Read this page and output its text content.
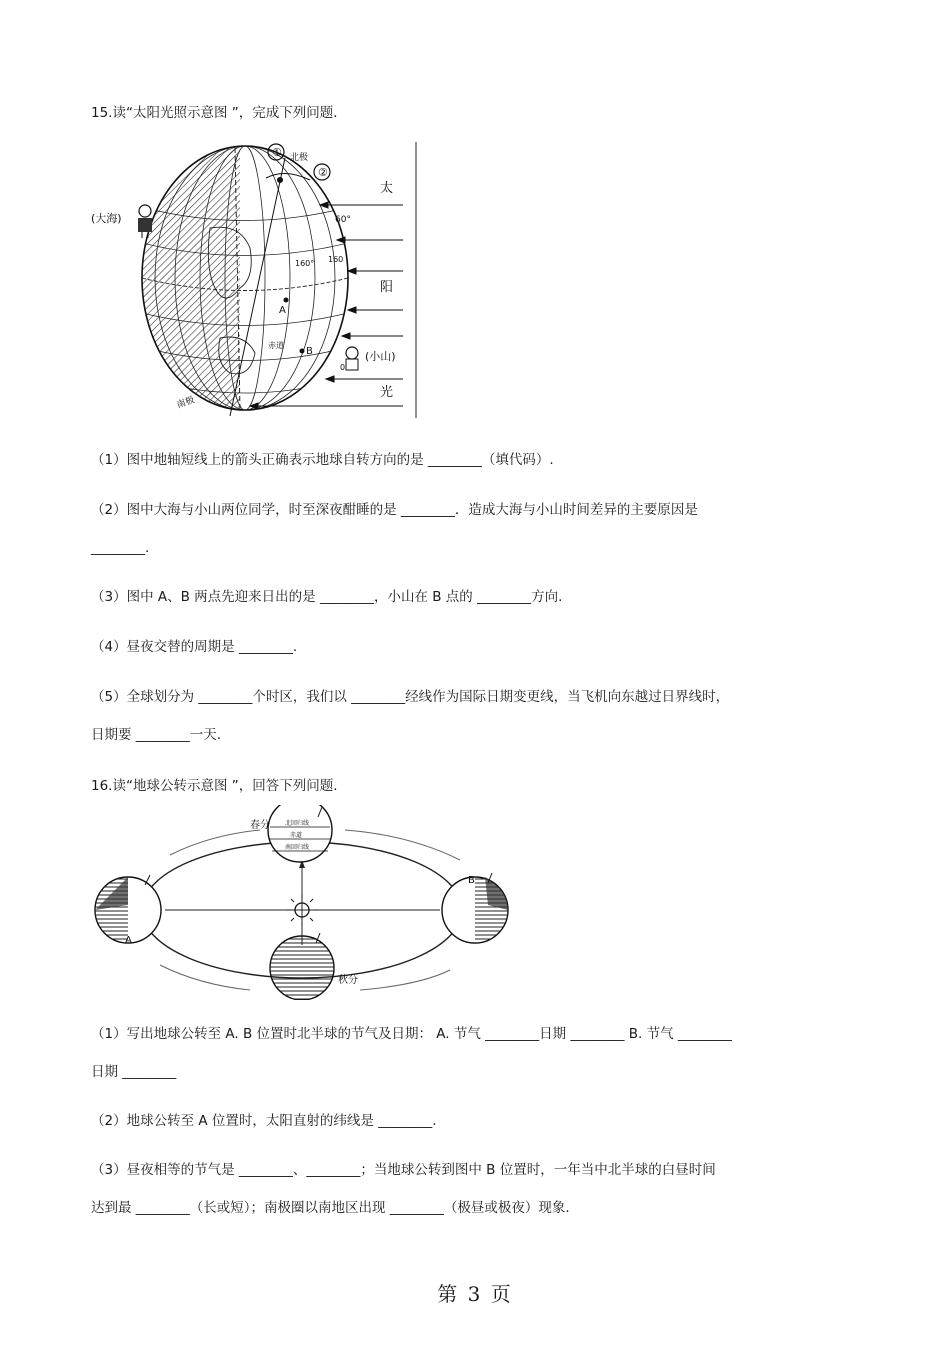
15.读“太阳光照示意图 ”，完成下列问题.
①
②
北极
60°
160° 160
A
赤道
B
0
南极
(大海)
(小山)
太
阳
光
（1）图中地轴短线上的箭头正确表示地球自转方向的是 ________（填代码）.
（2）图中大海与小山两位同学，时至深夜酣睡的是 ________．造成大海与小山时间差异的主要原因是
________.
（3）图中 A、B 两点先迎来日出的是 ________，小山在 B 点的 ________方向.
（4）昼夜交替的周期是 ________.
（5）全球划分为 ________个时区，我们以 ________经线作为国际日期变更线，当飞机向东越过日界线时，
日期要 ________一天.
16.读“地球公转示意图 ”，回答下列问题.
北回归线
赤道
南回归线
春分
秋分
A
B
（1）写出地球公转至 A. B 位置时北半球的节气及日期： A. 节气 ________日期 ________ B. 节气 ________
日期 ________
（2）地球公转至 A 位置时，太阳直射的纬线是 ________.
（3）昼夜相等的节气是 ________、________；当地球公转到图中 B 位置时，一年当中北半球的白昼时间
达到最 ________（长或短）；南极圈以南地区出现 ________（极昼或极夜）现象.
第 3 页
